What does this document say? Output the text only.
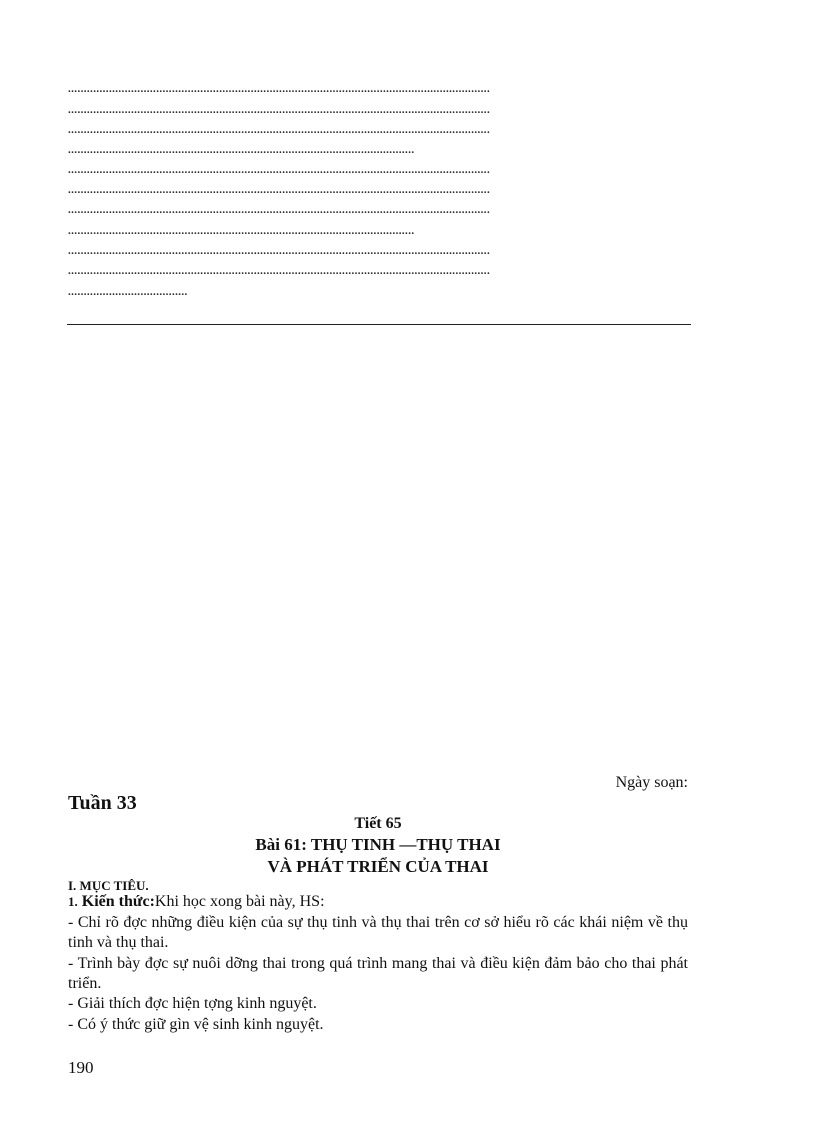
......................................................................................................................................

......................................................................................................................................

......................................................................................................................................

..............................................................................................................

......................................................................................................................................

......................................................................................................................................

......................................................................................................................................

..............................................................................................................

......................................................................................................................................

......................................................................................................................................

......................................

Ngày soạn:
Tuần 33
Tiết 65
Bài 61: THỤ TINH —THỤ THAI
VÀ PHÁT TRIỂN CỦA THAI
I. MỤC TIÊU.
1. Kiến thức:Khi học xong bài này, HS:
- Chỉ rõ đợc những điều kiện của sự thụ tinh và thụ thai trên cơ sở hiểu rõ các khái niệm về thụ tinh và thụ thai.
- Trình bày đợc sự nuôi dỡng thai trong quá trình mang thai và điều kiện đảm bảo cho thai phát triển.
- Giải thích đợc hiện tợng kinh nguyệt.
- Có ý thức giữ gìn vệ sinh kinh nguyệt.
190
